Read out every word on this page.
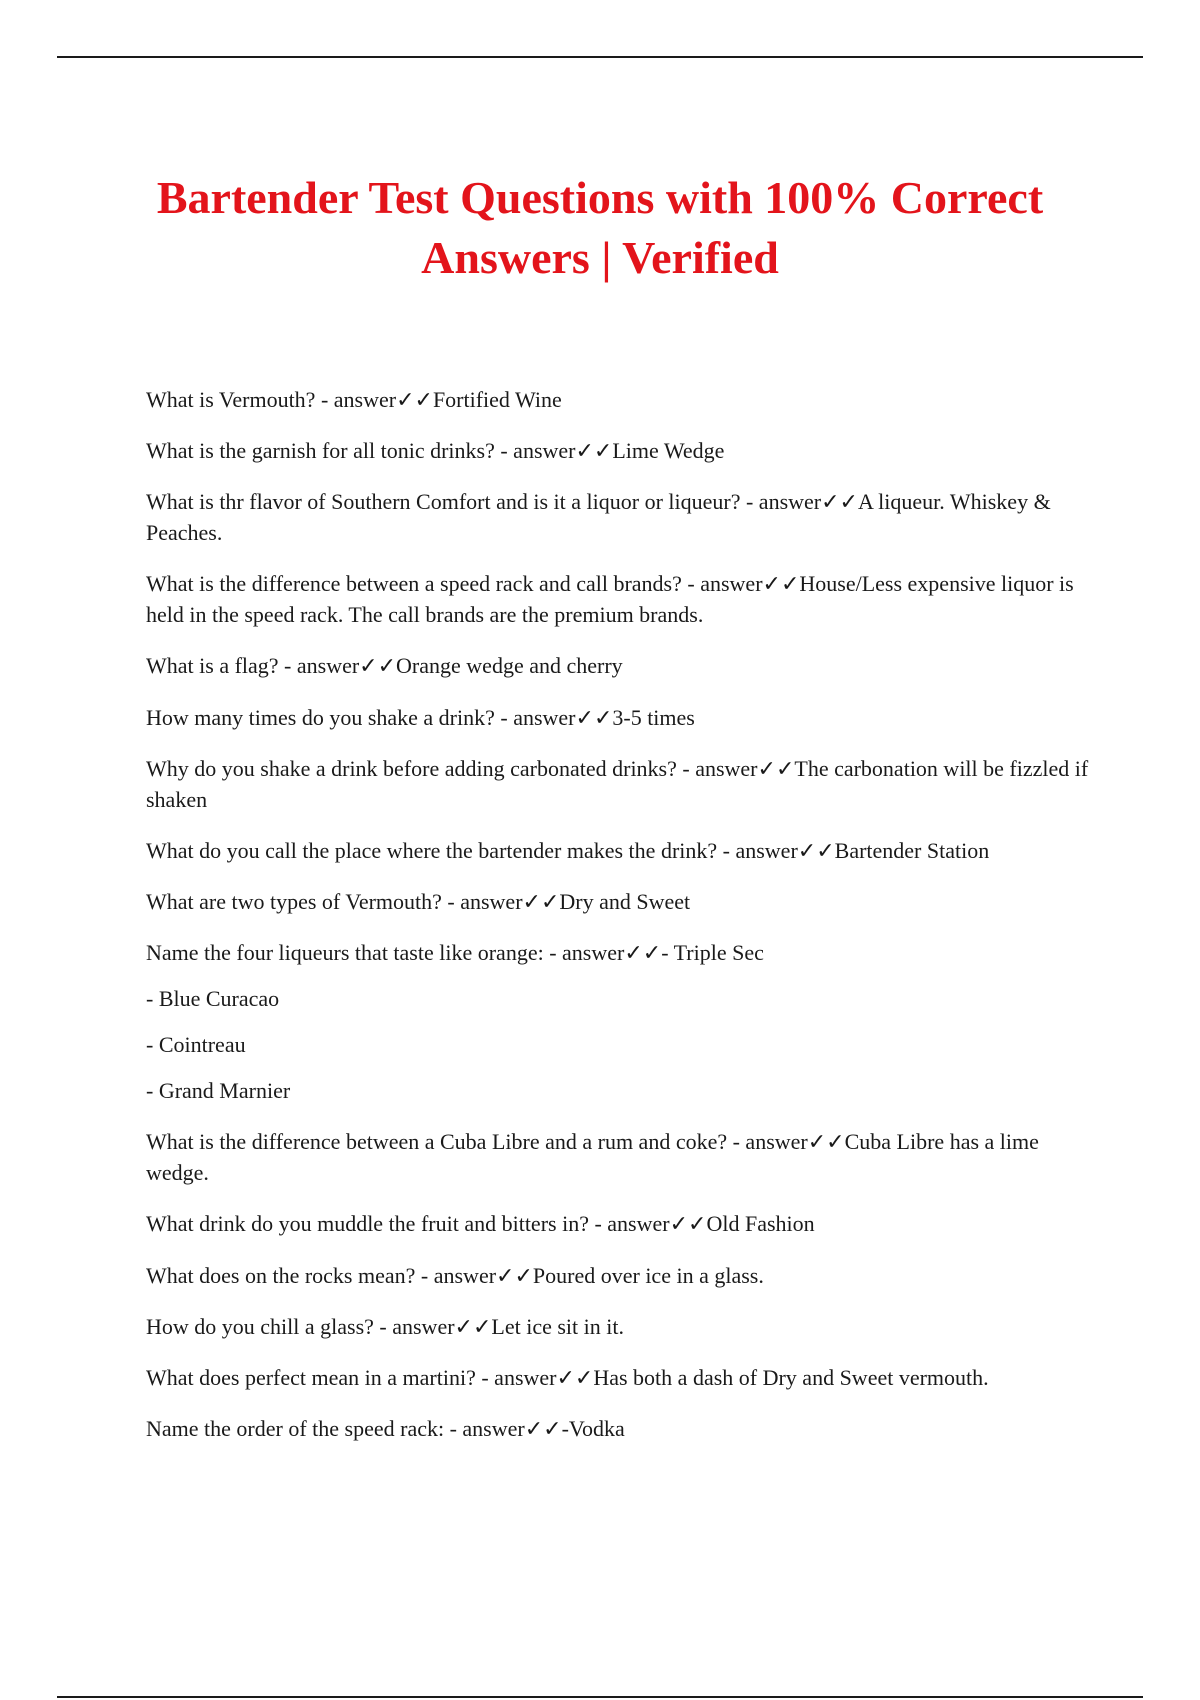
Bartender Test Questions with 100% Correct Answers | Verified

What is Vermouth? - answer✓✓Fortified Wine

What is the garnish for all tonic drinks? - answer✓✓Lime Wedge

What is thr flavor of Southern Comfort and is it a liquor or liqueur? - answer✓✓A liqueur. Whiskey & Peaches.

What is the difference between a speed rack and call brands? - answer✓✓House/Less expensive liquor is held in the speed rack. The call brands are the premium brands.

What is a flag? - answer✓✓Orange wedge and cherry

How many times do you shake a drink? - answer✓✓3-5 times

Why do you shake a drink before adding carbonated drinks? - answer✓✓The carbonation will be fizzled if shaken

What do you call the place where the bartender makes the drink? - answer✓✓Bartender Station

What are two types of Vermouth? - answer✓✓Dry and Sweet

Name the four liqueurs that taste like orange: - answer✓✓- Triple Sec

- Blue Curacao

- Cointreau

- Grand Marnier

What is the difference between a Cuba Libre and a rum and coke? - answer✓✓Cuba Libre has a lime wedge.

What drink do you muddle the fruit and bitters in? - answer✓✓Old Fashion

What does on the rocks mean? - answer✓✓Poured over ice in a glass.

How do you chill a glass? - answer✓✓Let ice sit in it.

What does perfect mean in a martini? - answer✓✓Has both a dash of Dry and Sweet vermouth.

Name the order of the speed rack: - answer✓✓-Vodka
